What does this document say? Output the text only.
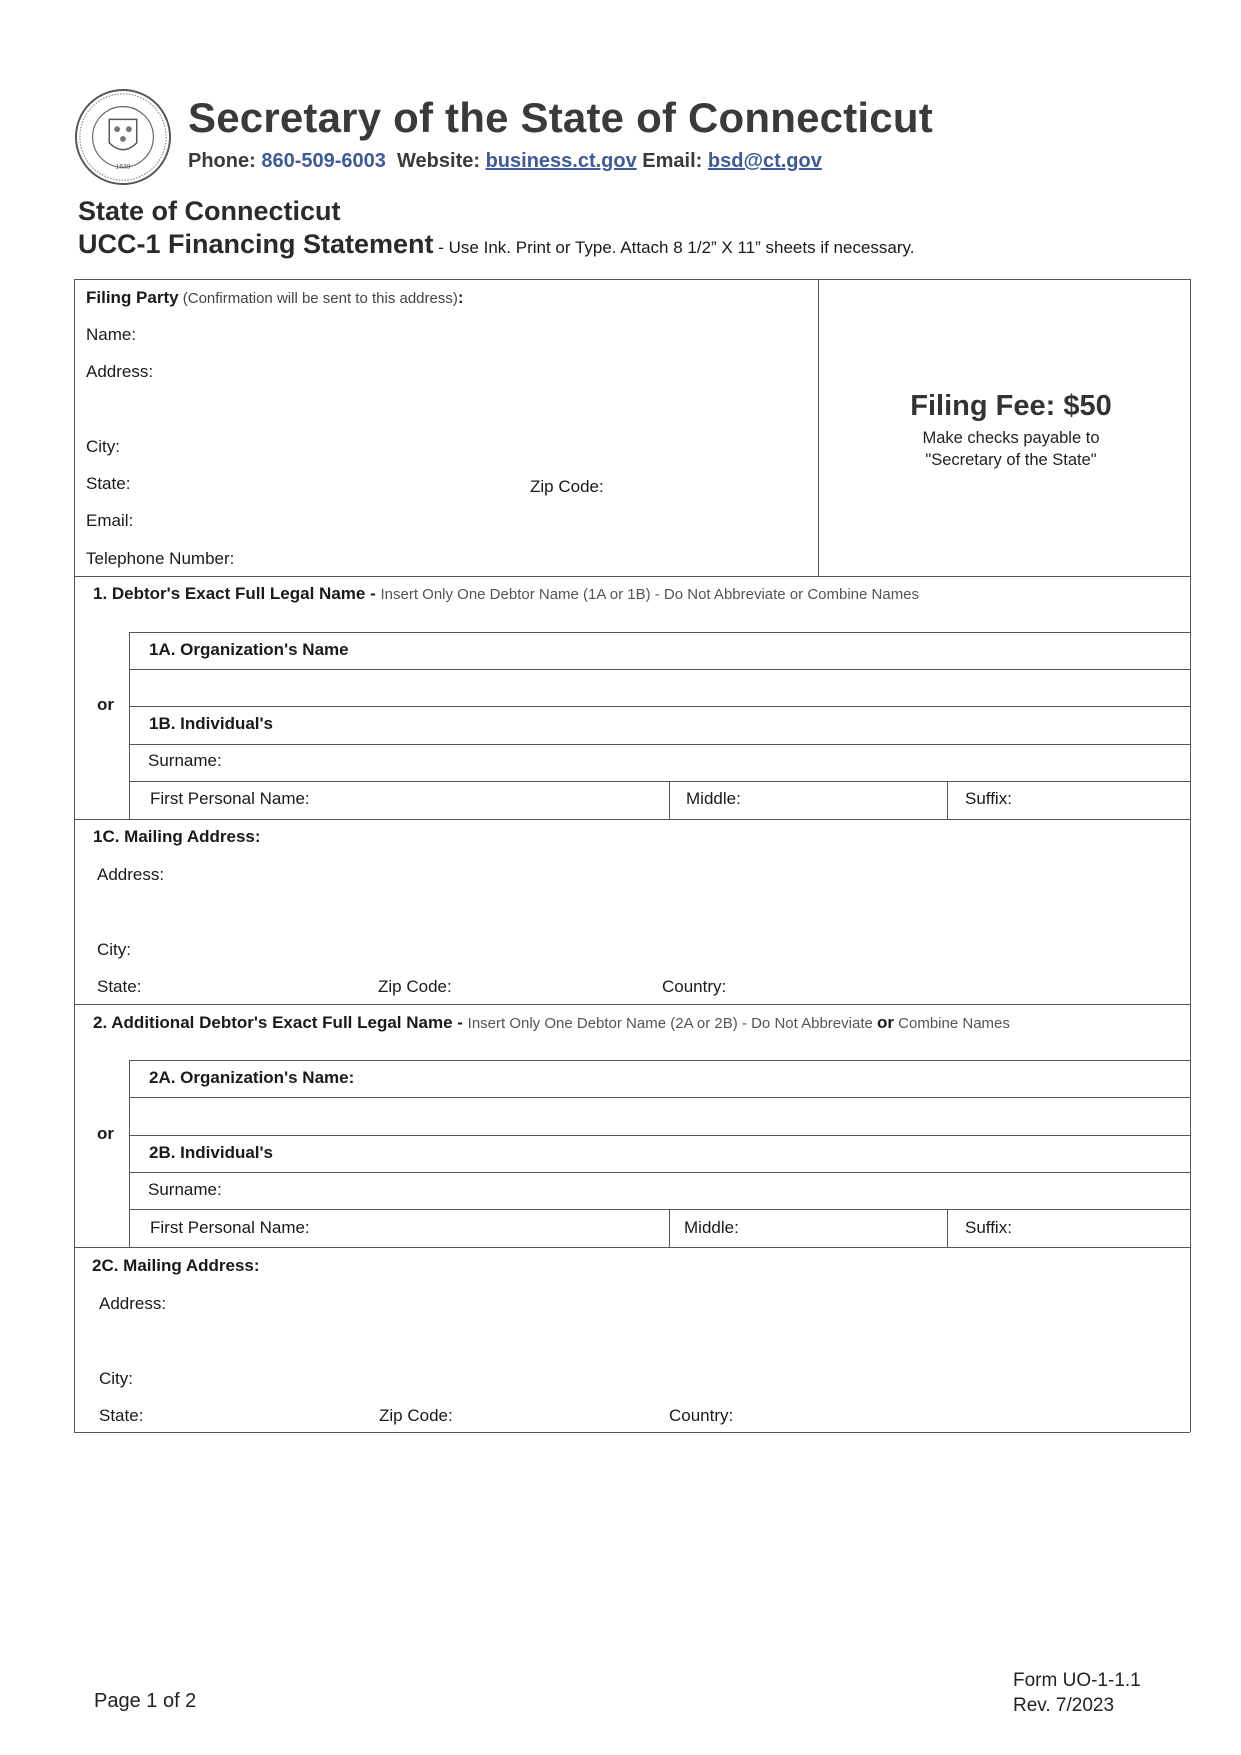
1639
Secretary of the State of Connecticut
Phone: 860-509-6003 Website: business.ct.gov Email: bsd@ct.gov
State of Connecticut
UCC-1 Financing Statement - Use Ink. Print or Type. Attach 8 1/2” X 11” sheets if necessary.
Filing Party (Confirmation will be sent to this address):
Name:
Address:
City:
State:	Zip Code:
Email:
Telephone Number:
Filing Fee: $50
Make checks payable to
"Secretary of the State"
1. Debtor's Exact Full Legal Name - Insert Only One Debtor Name (1A or 1B) - Do Not Abbreviate or Combine Names
or
1A. Organization's Name
1B. Individual's
Surname:
First Personal Name:	Middle:	Suffix:
1C. Mailing Address:
Address:
City:
State:	Zip Code:	Country:
2. Additional Debtor's Exact Full Legal Name - Insert Only One Debtor Name (2A or 2B) - Do Not Abbreviate or Combine Names
or
2A. Organization's Name:
2B. Individual's
Surname:
First Personal Name:	Middle:	Suffix:
2C. Mailing Address:
Address:
City:
State:	Zip Code:	Country:
Page 1 of 2
Form UO-1-1.1
Rev. 7/2023
